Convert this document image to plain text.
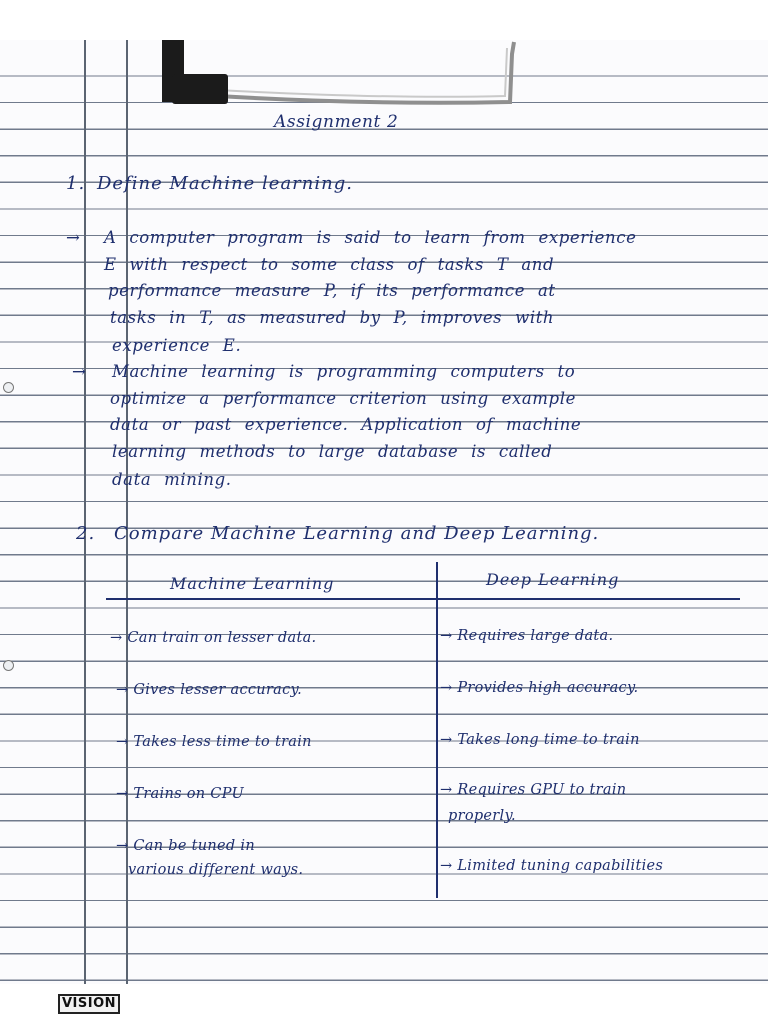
Assignment 2

1. Define Machine learning.

→ A computer program is said to learn from experience

E with respect to some class of tasks T and

performance measure P, if its performance at

tasks in T, as measured by P, improves with

experience E.

→ Machine learning is programming computers to

optimize a performance criterion using example

data or past experience. Application of machine

learning methods to large database is called

data mining.

2. Compare Machine Learning and Deep Learning.

Machine Learning	Deep Learning

→ Can train on lesser data.	→ Requires large data.

→ Gives lesser accuracy.	→ Provides high accuracy.

→ Takes less time to train	→ Takes long time to train

→ Trains on CPU	→ Requires GPU to train

properly.

→ Can be tuned in

various different ways.	→ Limited tuning capabilities

VISION
